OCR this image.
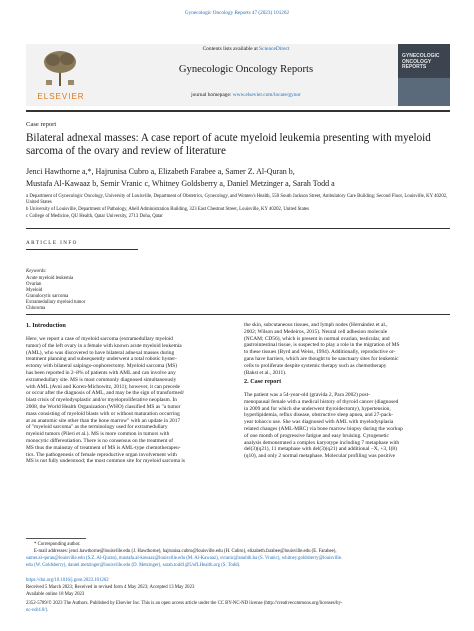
Gynecologic Oncology Reports 47 (2023) 101202
ELSEVIER
Contents lists available at ScienceDirect
Gynecologic Oncology Reports
journal homepage: www.elsevier.com/locate/gynor
GYNECOLOGIC ONCOLOGY REPORTS
Case report
Bilateral adnexal masses: A case report of acute myeloid leukemia presenting with myeloid sarcoma of the ovary and review of literature
Jenci Hawthorne a,*, Hajrunisa Cubro a, Elizabeth Farabee a, Samer Z. Al-Quran b,
Mustafa Al-Kawaaz b, Semir Vranic c, Whitney Goldsberry a, Daniel Metzinger a, Sarah Todd a
a Department of Gynecologic Oncology, University of Louisville, Department of Obstetrics, Gynecology, and Women's Health, 550 South Jackson Street, Ambulatory Care Building; Second Floor, Louisville, KY 40202, United States
b University of Louisville, Department of Pathology, Abell Administration Building, 323 East Chestnut Street, Louisville, KY 40202, United States
c College of Medicine, QU Health, Qatar University, 2713 Doha, Qatar
ARTICLE INFO
Keywords:
Acute myeloid leukemia
Ovarian
Myeloid
Granulocytic sarcoma
Extramedullary myeloid tumor
Chloroma
1. Introduction
Here, we report a case of myeloid sarcoma (extramedullary myeloid
tumor) of the left ovary in a female with known acute myeloid leukemia
(AML), who was discovered to have bilateral adnexal masses during
treatment planning and subsequently underwent a total robotic hyster-
ectomy with bilateral salpingo-oophorectomy. Myeloid sarcoma (MS)
has been reported in 2–8% of patients with AML and can involve any
extramedullary site. MS is most commonly diagnosed simultaneously
with AML (Avni and Koren-Michowitz, 2011); however, it can precede
or occur after the diagnosis of AML, and may be the sign of transformed/
blast crisis of myelodysplastic and/or myeloproliferative neoplasm. In
2008, the World Health Organization (WHO) classified MS as "a tumor
mass consisting of myeloid blasts with or without maturation occurring
at an anatomic site other than the bone marrow" with an update in 2017
of "myeloid sarcoma" as the terminology used for extramedullary
myeloid tumors (Pileri et al.). MS is more common in tumors with
monocytic differentiation. There is no consensus on the treatment of
MS thus the mainstay of treatment of MS is AML-type chemotherapeu-
tics. The pathogenesis of female reproductive organ involvement with
MS is not fully understood; the most common site for myeloid sarcoma is
the skin, subcutaneous tissues, and lymph nodes (Hernández et al.,
2002; Wilson and Medeiros, 2015). Neural cell adhesion molecule
(NCAM; CD56), which is present in normal ovarian, testicular, and
gastrointestinal tissue, is suspected to play a role in the migration of MS
to these tissues (Byrd and Weiss, 1994). Additionally, reproductive or-
gans have barriers, which are thought to be sanctuary sites for leukemic
cells to proliferate despite systemic therapy such as chemotherapy
(Bakst et al., 2011).
2. Case report
The patient was a 54-year-old (gravida 2, Para 2002) post-
menopausal female with a medical history of thyroid cancer (diagnosed
in 2009 and for which she underwent thyroidectomy), hypertension,
hyperlipidemia, reflux disease, obstructive sleep apnea, and 27-pack-
year tobacco use. She was diagnosed with AML with myelodysplasia
related changes (AML-MRC) via bone marrow biopsy during the workup
of one month of progressive fatigue and easy bruising. Cytogenetic
analysis demonstrated a complex karyotype including 7 metaphase with
del(3)(q21), 11 metaphase with del(3)(q21) and additional −X, +3, I(8)
(q10), and only 2 normal metaphase. Molecular profiling was positive
* Corresponding author.
E-mail addresses: jenci.hawthorne@louisville.edu (J. Hawthorne), hajrunisa.cubro@louisville.edu (H. Cubro), elizabeth.farabee@louisville.edu (E. Farabee),
samer.al-quran@louisville.edu (S.Z. Al-Quran), mustafa.al-kawaaz@louisville.edu (M. Al-Kawaaz), svranic@anubih.ba (S. Vranic), whitney.goldsberry@louisville.
edu (W. Goldsberry), daniel.metzinger@louisville.edu (D. Metzinger), sarah.todd1@UofLHealth.org (S. Todd).
https://doi.org/10.1016/j.gore.2023.101202
Received 5 March 2023; Received in revised form 4 May 2023; Accepted 13 May 2023
Available online 18 May 2023
2352-5789/© 2023 The Authors. Published by Elsevier Inc. This is an open access article under the CC BY-NC-ND license (http://creativecommons.org/licenses/by-
nc-nd/4.0/).
